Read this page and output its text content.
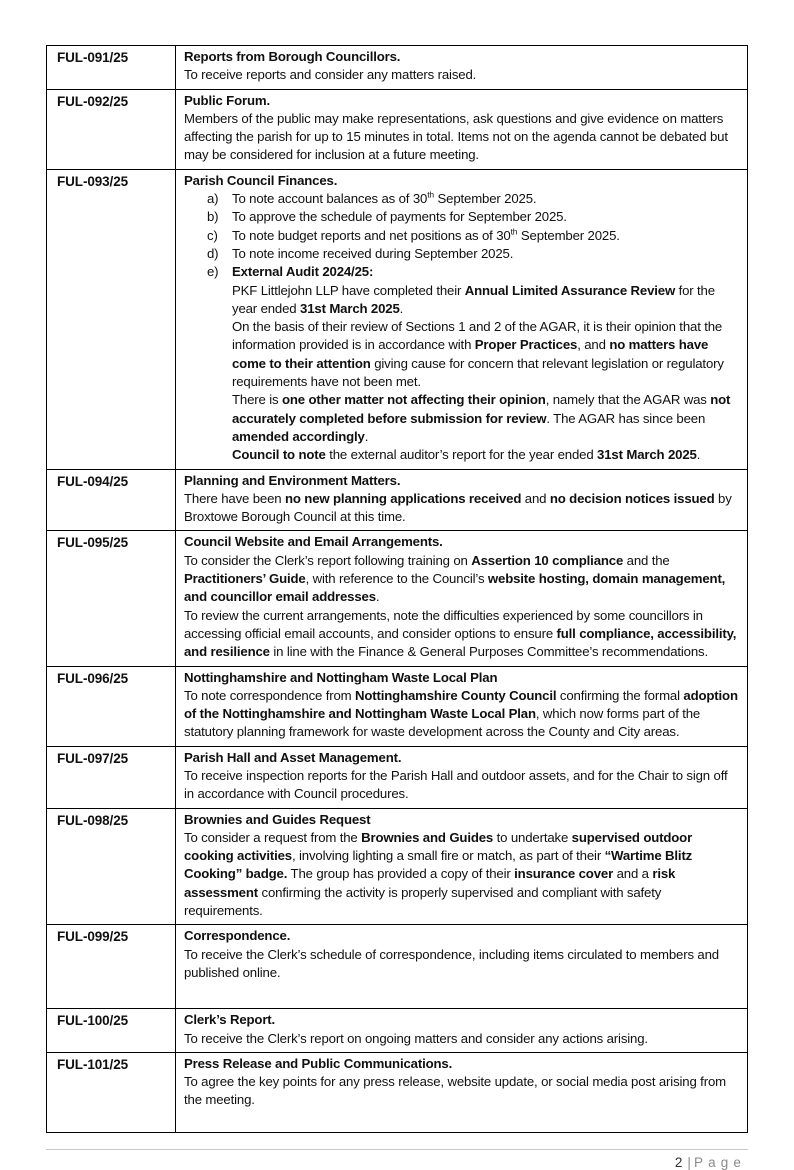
FUL-091/25	Reports from Borough Councillors.

To receive reports and consider any matters raised.

FUL-092/25	Public Forum.

Members of the public may make representations, ask questions and give evidence on matters affecting the parish for up to 15 minutes in total. Items not on the agenda cannot be debated but may be considered for inclusion at a future meeting.

FUL-093/25	Parish Council Finances.

a)	To note account balances as of 30th September 2025.
b)	To approve the schedule of payments for September 2025.
c)	To note budget reports and net positions as of 30th September 2025.
d)	To note income received during September 2025.
e)	External Audit 2024/25:

PKF Littlejohn LLP have completed their Annual Limited Assurance Review for the year ended 31st March 2025.

On the basis of their review of Sections 1 and 2 of the AGAR, it is their opinion that the information provided is in accordance with Proper Practices, and no matters have come to their attention giving cause for concern that relevant legislation or regulatory requirements have not been met.

There is one other matter not affecting their opinion, namely that the AGAR was not accurately completed before submission for review. The AGAR has since been amended accordingly.

Council to note the external auditor’s report for the year ended 31st March 2025.

FUL-094/25	Planning and Environment Matters.

There have been no new planning applications received and no decision notices issued by Broxtowe Borough Council at this time.

FUL-095/25	Council Website and Email Arrangements.

To consider the Clerk’s report following training on Assertion 10 compliance and the Practitioners’ Guide, with reference to the Council’s website hosting, domain management, and councillor email addresses.

To review the current arrangements, note the difficulties experienced by some councillors in accessing official email accounts, and consider options to ensure full compliance, accessibility, and resilience in line with the Finance & General Purposes Committee’s recommendations.

FUL-096/25	Nottinghamshire and Nottingham Waste Local Plan

To note correspondence from Nottinghamshire County Council confirming the formal adoption of the Nottinghamshire and Nottingham Waste Local Plan, which now forms part of the statutory planning framework for waste development across the County and City areas.

FUL-097/25	Parish Hall and Asset Management.

To receive inspection reports for the Parish Hall and outdoor assets, and for the Chair to sign off in accordance with Council procedures.

FUL-098/25	Brownies and Guides Request

To consider a request from the Brownies and Guides to undertake supervised outdoor cooking activities, involving lighting a small fire or match, as part of their “Wartime Blitz Cooking” badge. The group has provided a copy of their insurance cover and a risk assessment confirming the activity is properly supervised and compliant with safety requirements.

FUL-099/25	Correspondence.

To receive the Clerk’s schedule of correspondence, including items circulated to members and published online.

FUL-100/25	Clerk’s Report.

To receive the Clerk’s report on ongoing matters and consider any actions arising.

FUL-101/25	Press Release and Public Communications.

To agree the key points for any press release, website update, or social media post arising from the meeting.

2 | Page
